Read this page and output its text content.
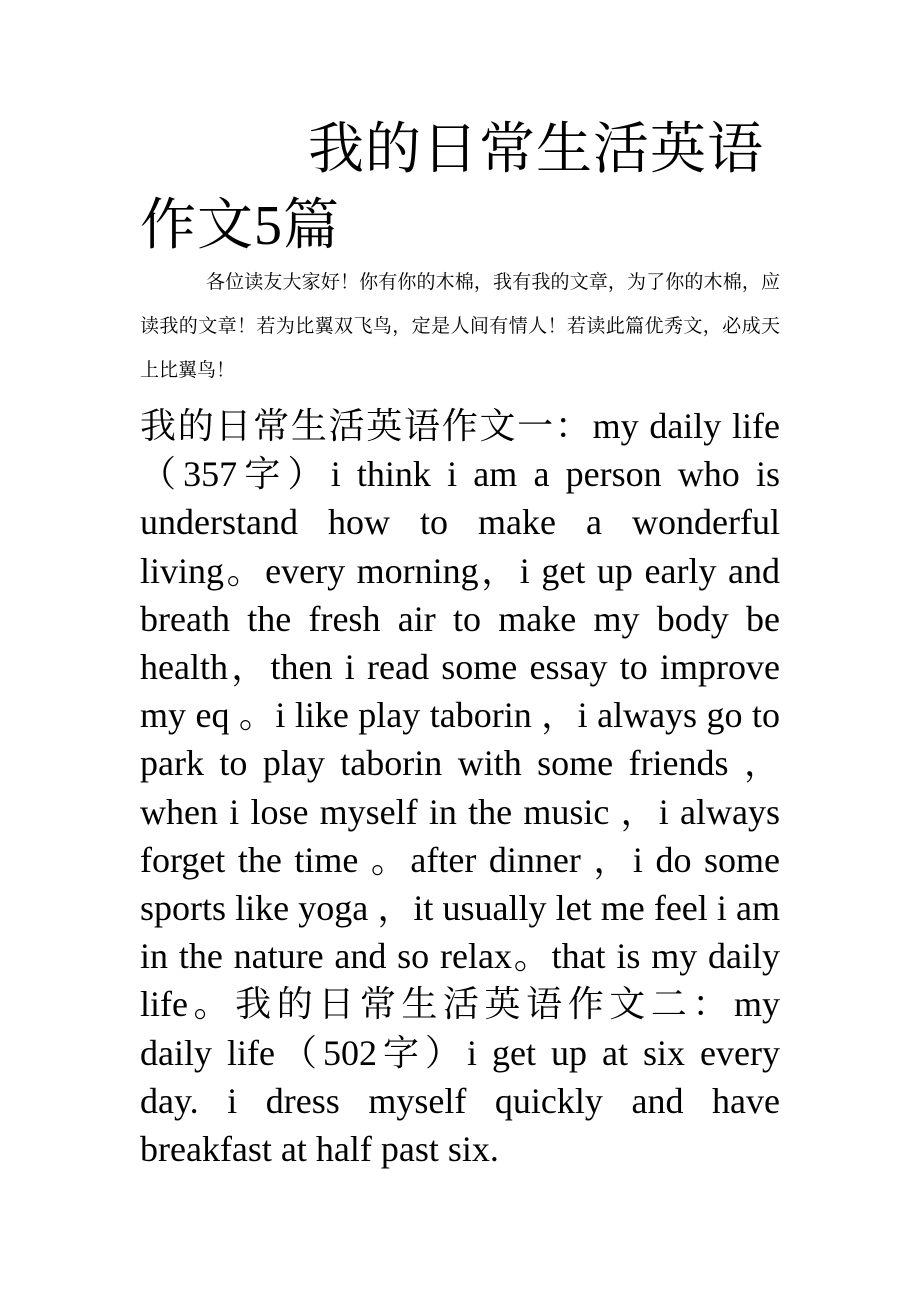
我的日常生活英语作文5篇

各位读友大家好！你有你的木棉，我有我的文章，为了你的木棉，应读我的文章！若为比翼双飞鸟，定是人间有情人！若读此篇优秀文，必成天上比翼鸟！

我的日常生活英语作文一：my daily life（357字）i think i am a person who is understand how to make a wonderful living。every morning，i get up early and breath the fresh air to make my body be health，then i read some essay to improve my eq 。i like play taborin ，i always go to park to play taborin with some friends ，when i lose myself in the music ，i always forget the time 。after dinner ，i do some sports like yoga ，it usually let me feel i am in the nature and so relax。that is my daily life。我的日常生活英语作文二：my daily life（502字）i get up at six every day. i dress myself quickly and have breakfast at half past six.
